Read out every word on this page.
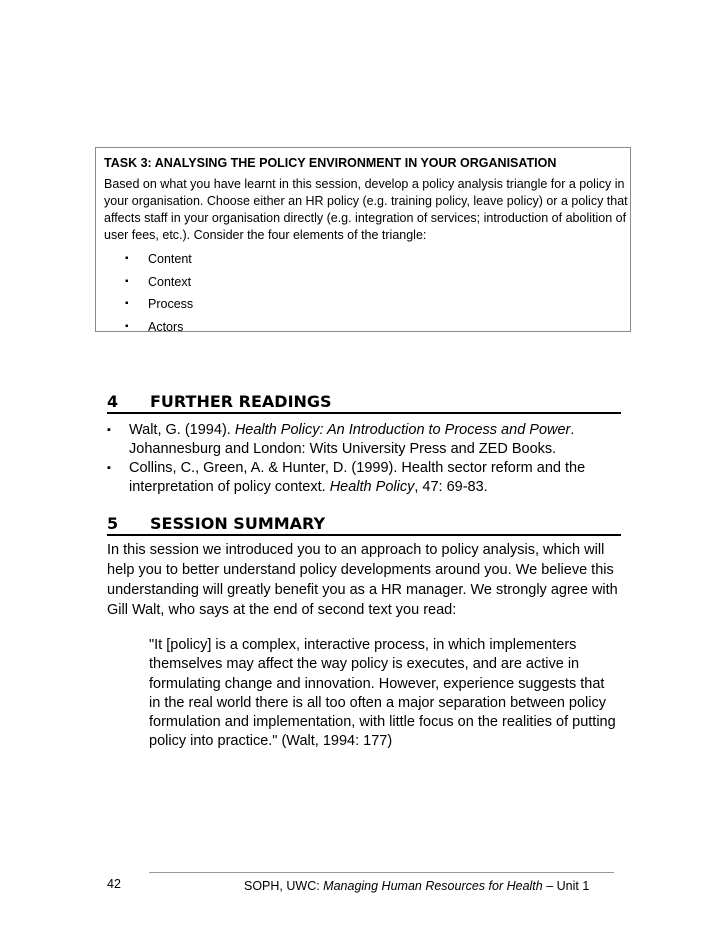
TASK 3: ANALYSING THE POLICY ENVIRONMENT IN YOUR ORGANISATION
Based on what you have learnt in this session, develop a policy analysis triangle for a policy in your organisation. Choose either an HR policy (e.g. training policy, leave policy) or a policy that affects staff in your organisation directly (e.g. integration of services; introduction of abolition of user fees, etc.). Consider the four elements of the triangle:
▪ Content
▪ Context
▪ Process
▪ Actors
4 FURTHER READINGS
▪ Walt, G. (1994). Health Policy: An Introduction to Process and Power. Johannesburg and London: Wits University Press and ZED Books.
▪ Collins, C., Green, A. & Hunter, D. (1999). Health sector reform and the interpretation of policy context. Health Policy, 47: 69-83.
5 SESSION SUMMARY

In this session we introduced you to an approach to policy analysis, which will help you to better understand policy developments around you. We believe this understanding will greatly benefit you as a HR manager. We strongly agree with Gill Walt, who says at the end of second text you read:

"It [policy] is a complex, interactive process, in which implementers themselves may affect the way policy is executes, and are active in formulating change and innovation. However, experience suggests that in the real world there is all too often a major separation between policy formulation and implementation, with little focus on the realities of putting policy into practice." (Walt, 1994: 177)

42	SOPH, UWC: Managing Human Resources for Health – Unit 1
